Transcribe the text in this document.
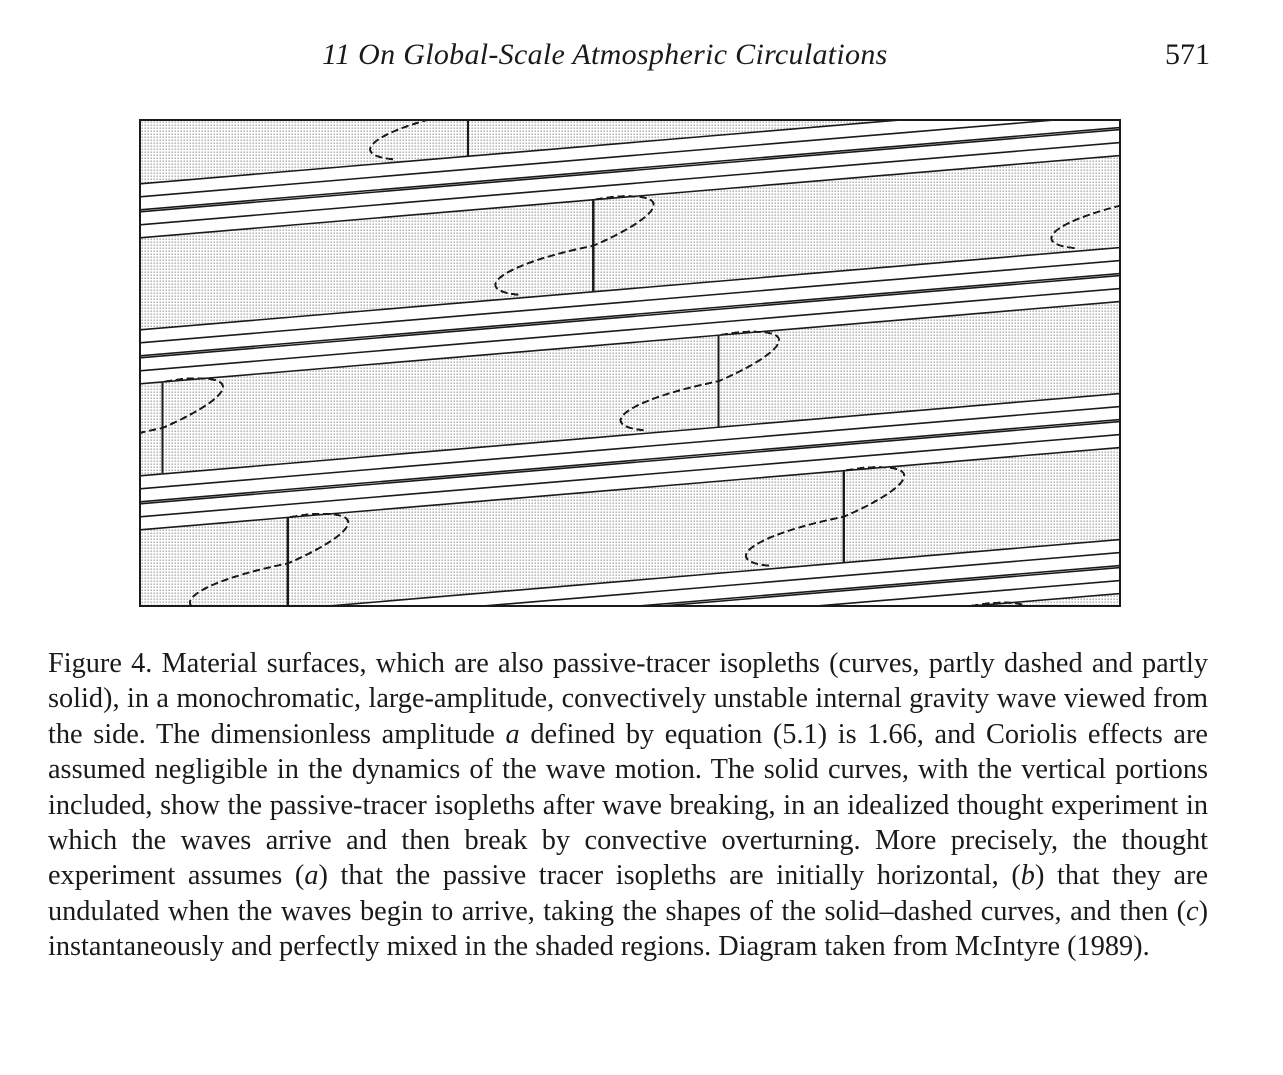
11 On Global-Scale Atmospheric Circulations	571

Figure 4. Material surfaces, which are also passive-tracer isopleths (curves, partly dashed and partly solid), in a monochromatic, large-amplitude, convectively unstable internal gravity wave viewed from the side. The dimensionless amplitude a defined by equation (5.1) is 1.66, and Coriolis effects are assumed negligible in the dynamics of the wave motion. The solid curves, with the vertical portions included, show the passive-tracer isopleths after wave breaking, in an idealized thought experiment in which the waves arrive and then break by convective overturning. More precisely, the thought experiment assumes (a) that the passive tracer isopleths are initially horizontal, (b) that they are undulated when the waves begin to arrive, taking the shapes of the solid–dashed curves, and then (c) instantaneously and perfectly mixed in the shaded regions. Diagram taken from McIntyre (1989).
